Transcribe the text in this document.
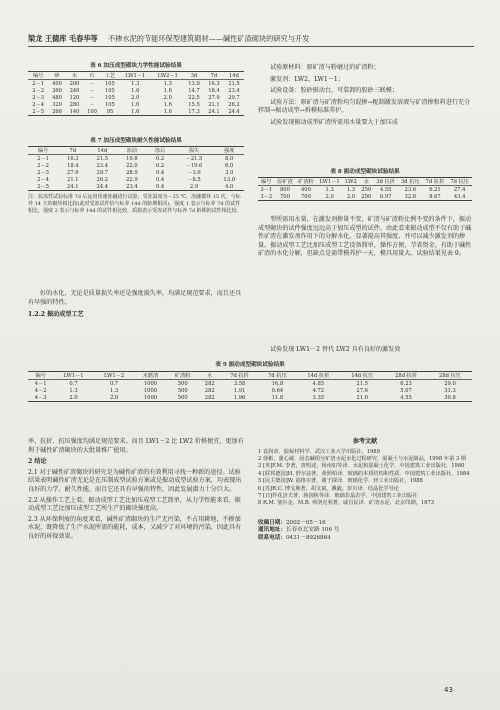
梁龙 王德库 毛春华等 不掺水泥的节能环保型建筑砌材——碱性矿渣砌块的研究与开发
表 6 加压成型砌块力学性能试验结果
编号	砂	水	石	工艺	LW1－1	LW2－1	3d	7d	14d
2－1	400	200	－	105	1.3	1.3	13.0	16.3	21.5
2－2	360	240	－	105	1.6	1.6	14.7	18.4	23.4
2－3	480	120	－	105	2.0	2.0	22.5	27.9	29.7
2－4	320	280	－	105	1.6	1.6	15.5	21.1	26.2
2－5	260	140	100	95	1.6	1.6	17.3	24.1	24.4
表 7 加压成型砌块耐久性能试验结果
编号	7d	14d	冻前	冻后	损失	强度
2－1	16.3	21.5	19.8	0.2	－21.5	8.0
2－2	18.4	23.4	22.0	0.2	－19.6	6.0
2－3	27.9	29.7	28.9	0.4	－3.6	3.0
2－4	21.1	26.2	22.9	0.4	－8.5	13.0
2－5	24.1	24.4	23.4	0.4	2.9	4.0
注：抗冻性试验标准 7d 后运用快速冻融进行试验，受冻温度为－25 ℃，冻融循环 15 次，与标养 14 天的砌块相比较(此时受冻试件恰与标养 14d 的龄期相同)，强度 1 表示与标养 7d 的试件相比，强度 2 表示与标养 14d 的试件相比较，质损表示受冻试件与标养 7d 龄期的试件相比较。
好的水化，无论是质量损失率还是强度损失率，均满足规范要求，而且还具有早强的特性。
1.2.2 振动成型工艺
试验原材料：原矿渣与粉磨过的矿渣粉；
激发剂：LW2、LW1－1；
试验设备：胶砂振动台，可装卸的胶砂三联模；
试验方法：原矿渣与矿渣粉均匀混掺→配制激发溶液与矿渣掺和料进行充分拌制→振动成型→拆模标准养护。
试验发现振动成型矿渣所需用水量要大于加压成
表 8 振动成型砌块试验结果
编号	原矿渣	矿渣粉	LW1－1	LW2	水	3d 抗折	3d 抗压	7d 抗折	7d 抗压
3－1	800	400	1.3	1.3	250	4.55	23.6	6.21	27.4
3－2	700	700	2.0	2.0	290	6.97	32.8	8.67	43.4
型所需用水量，在激发剂掺量不变，矿渣与矿渣粉比例不变的条件下，振动成型砌块的试件强度远远高于加压成型的试件。由此看来振动成型不仅有助于碱性矿渣在激发剂作用下的分解水化，显著提高其强度，并可以减少激发剂的掺量。振动成型工艺比加压成型工艺设备简单，操作方便，节省资金。有助于碱性矿渣的水化分解，但缺点是需带模养护一天，模具用量大。试验结果见表 9。
试验发现 LW1－2 替代 LW2 具有良好的激发效
表 9 振动成型砌块试验结果
编号	LW1－1	LW1－2	未磨渣	矿渣粉	水	7d 抗折	7d 抗压	14d 抗折	14d 抗压	28d 抗折	28d 抗压
4－1	0.7	0.7	1000	500	282	3.58	16.8	4.85	21.5	6.23	29.0
4－2	1.3	1.3	1000	500	282	1.91	9.64	4.72	27.6	5.07	31.3
4－3	2.0	2.0	1000	500	282	1.96	11.8	3.35	21.0	4.55	30.8
率、抗折、抗压强度均满足规范要求。而且 LW1－2 比 LW2 价格便宜，更加有利于碱性矿渣砌块的大批量推广使用。
2 结论
2.1 对于碱性矿渣砌块的研究是为碱性矿渣的有效利用寻找一种新的途径。试验结果表明碱性矿渣无论是在压制成型试验方案或是振动成型试验方案，均表现出良好的力学、耐久性能，而且它还具有早强的特性，因此发展潜力十分巨大。
2.2 从操作工艺上看，振动成型工艺比加压成型工艺简单，从力学性能来看，振动成型工艺比加压成型工艺所生产的砌块强度高。
2.3 从环保利废的角度来看，碱性矿渣砌块的生产无污染，不占用耕地，不掺加水泥，既降低了生产水泥所需的能耗，成本，又减少了对环境的污染，因此具有良好的环保效果。
参考文献
1 袁润章．胶凝材料学．武汉工业大学出版社，1989
2 徐彬，蒲心诚．固态碱组分矿渣水泥水化过程研究．混凝土与水泥制品，1998 年第 3 期
3 [英]F.M. 李著，唐明述，杨南如等译．水泥和混凝土化学．中国建筑工业出版社，1980
4 [联邦德国]H. 舒尔兹著，黄照柏译．玻璃的本质结构和性质．中国建筑工业出版社，1984
5 [民主德国]W. 福格尔著，谢于探译．玻璃化学．轻工业出版社，1988
6 [苏]R.C. 博戈斯著，胡文斌，戴毅，彭川译．结晶化学导论
7 [日]作花济夫著，蒋国栋等译．玻璃非晶态学．中国建筑工业出版社
8 R.M. 塞尔金，M.B. 弗洛克利著，戚昌民译．矿渣水泥．北京印刷，1973
收稿日期：2002－05－16
通讯地址：长春市北安路 106 号
联系电话：0431－8926864
43
